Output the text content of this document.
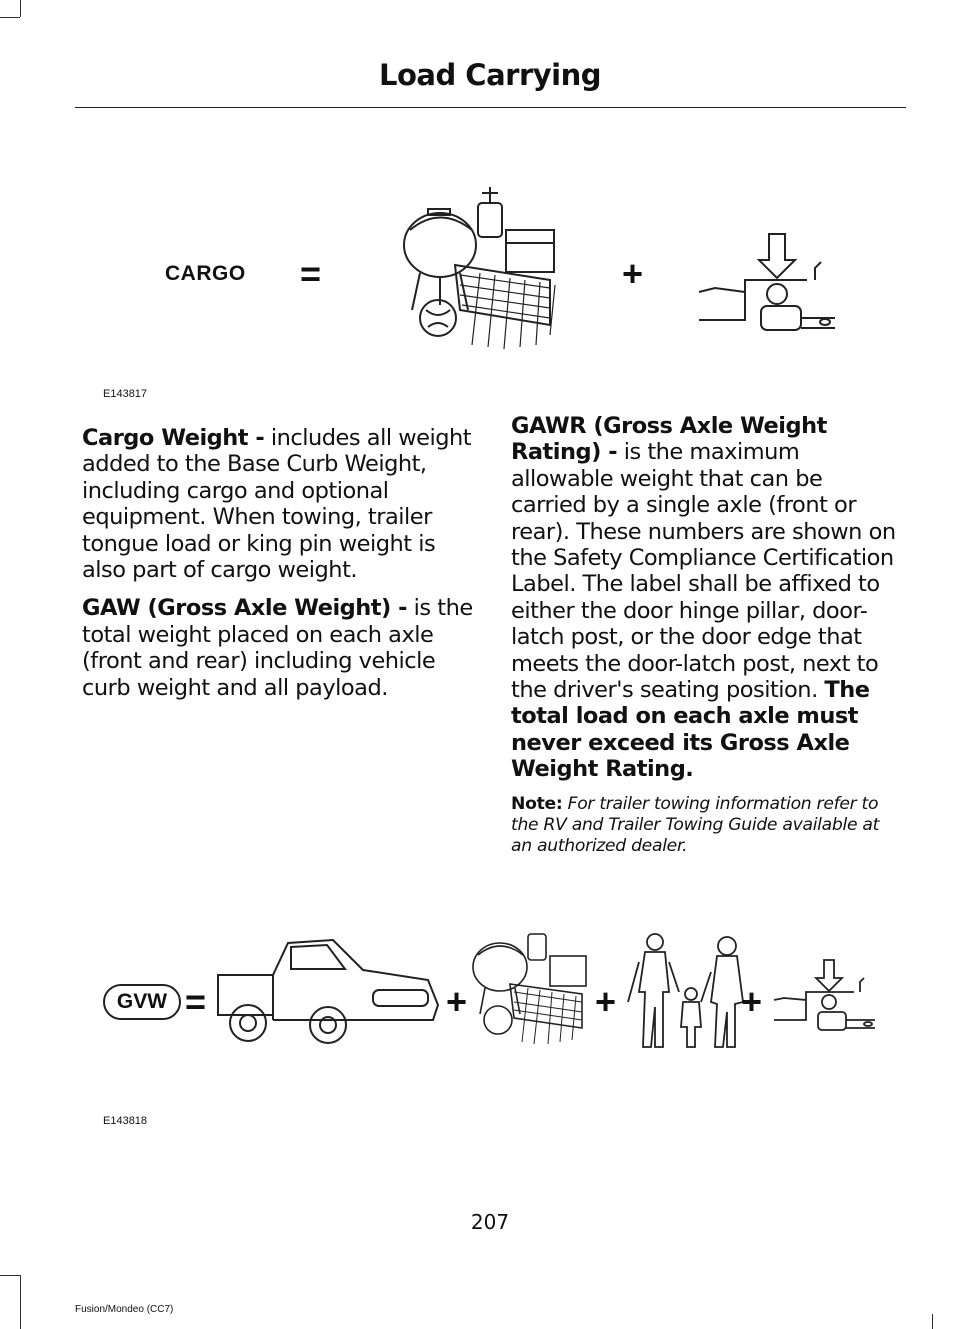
Load Carrying
CARGO =	+
E143817

Cargo Weight - includes all weight added to the Base Curb Weight, including cargo and optional equipment. When towing, trailer tongue load or king pin weight is also part of cargo weight.

GAW (Gross Axle Weight) - is the total weight placed on each axle (front and rear) including vehicle curb weight and all payload.

GAWR (Gross Axle Weight Rating) - is the maximum allowable weight that can be carried by a single axle (front or rear). These numbers are shown on the Safety Compliance Certification Label. The label shall be affixed to either the door hinge pillar, door-latch post, or the door edge that meets the door-latch post, next to the driver's seating position. The total load on each axle must never exceed its Gross Axle Weight Rating.

Note: For trailer towing information refer to the RV and Trailer Towing Guide available at an authorized dealer.

GVW =	+	+	+
E143818
207
Fusion/Mondeo (CC7)
